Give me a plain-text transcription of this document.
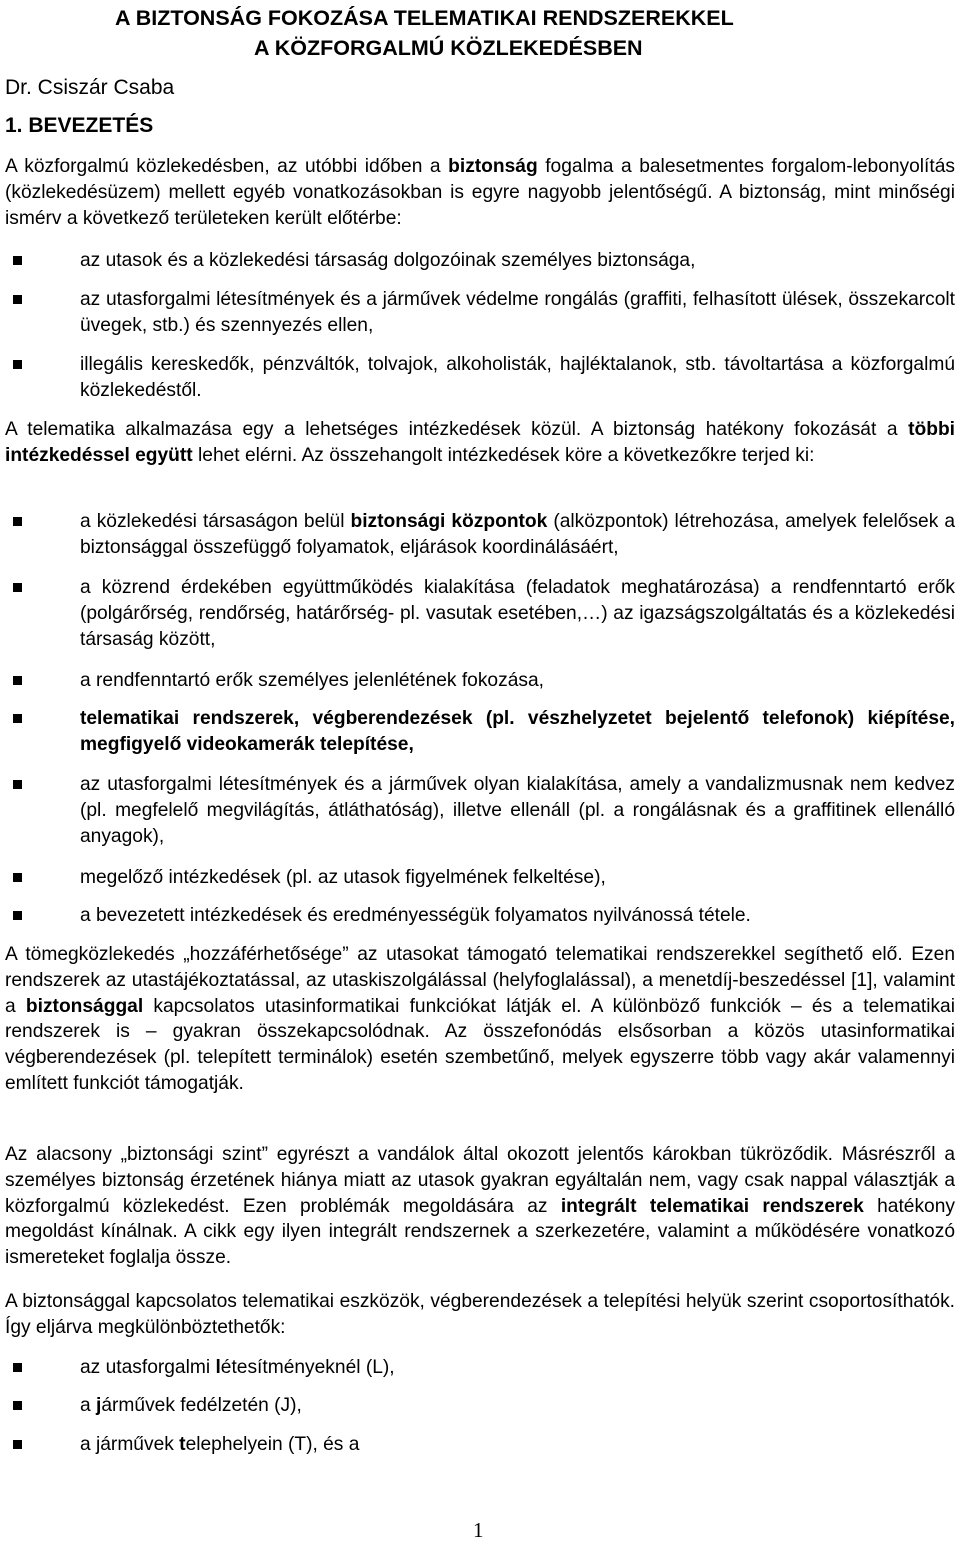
A BIZTONSÁG FOKOZÁSA TELEMATIKAI RENDSZEREKKEL
A KÖZFORGALMÚ KÖZLEKEDÉSBEN
Dr. Csiszár Csaba
1. BEVEZETÉS
A közforgalmú közlekedésben, az utóbbi időben a biztonság fogalma a balesetmentes forgalom-lebonyolítás (közlekedésüzem) mellett egyéb vonatkozásokban is egyre nagyobb jelentőségű. A biztonság, mint minőségi ismérv a következő területeken került előtérbe:
az utasok és a közlekedési társaság dolgozóinak személyes biztonsága,
az utasforgalmi létesítmények és a járművek védelme rongálás (graffiti, felhasított ülések, összekarcolt üvegek, stb.) és szennyezés ellen,
illegális kereskedők, pénzváltók, tolvajok, alkoholisták, hajléktalanok, stb. távoltartása a közforgalmú közlekedéstől.
A telematika alkalmazása egy a lehetséges intézkedések közül. A biztonság hatékony fokozását a többi intézkedéssel együtt lehet elérni. Az összehangolt intézkedések köre a következőkre terjed ki:
a közlekedési társaságon belül biztonsági központok (alközpontok) létrehozása, amelyek felelősek a biztonsággal összefüggő folyamatok, eljárások koordinálásáért,
a közrend érdekében együttműködés kialakítása (feladatok meghatározása) a rendfenntartó erők (polgárőrség, rendőrség, határőrség- pl. vasutak esetében,…) az igazságszolgáltatás és a közlekedési társaság között,
a rendfenntartó erők személyes jelenlétének fokozása,
telematikai rendszerek, végberendezések (pl. vészhelyzetet bejelentő telefonok) kiépítése, megfigyelő videokamerák telepítése,
az utasforgalmi létesítmények és a járművek olyan kialakítása, amely a vandalizmusnak nem kedvez (pl. megfelelő megvilágítás, átláthatóság), illetve ellenáll (pl. a rongálásnak és a graffitinek ellenálló anyagok),
megelőző intézkedések (pl. az utasok figyelmének felkeltése),
a bevezetett intézkedések és eredményességük folyamatos nyilvánossá tétele.
A tömegközlekedés „hozzáférhetősége” az utasokat támogató telematikai rendszerekkel segíthető elő. Ezen rendszerek az utastájékoztatással, az utaskiszolgálással (helyfoglalással), a menetdíj-beszedéssel [1], valamint a biztonsággal kapcsolatos utasinformatikai funkciókat látják el. A különböző funkciók – és a telematikai rendszerek is – gyakran összekapcsolódnak. Az összefonódás elsősorban a közös utasinformatikai végberendezések (pl. telepített terminálok) esetén szembetűnő, melyek egyszerre több vagy akár valamennyi említett funkciót támogatják.
Az alacsony „biztonsági szint” egyrészt a vandálok által okozott jelentős károkban tükröződik. Másrészről a személyes biztonság érzetének hiánya miatt az utasok gyakran egyáltalán nem, vagy csak nappal választják a közforgalmú közlekedést. Ezen problémák megoldására az integrált telematikai rendszerek hatékony megoldást kínálnak. A cikk egy ilyen integrált rendszernek a szerkezetére, valamint a működésére vonatkozó ismereteket foglalja össze.
A biztonsággal kapcsolatos telematikai eszközök, végberendezések a telepítési helyük szerint csoportosíthatók. Így eljárva megkülönböztethetők:
az utasforgalmi létesítményeknél (L),
a járművek fedélzetén (J),
a járművek telephelyein (T), és a
1
